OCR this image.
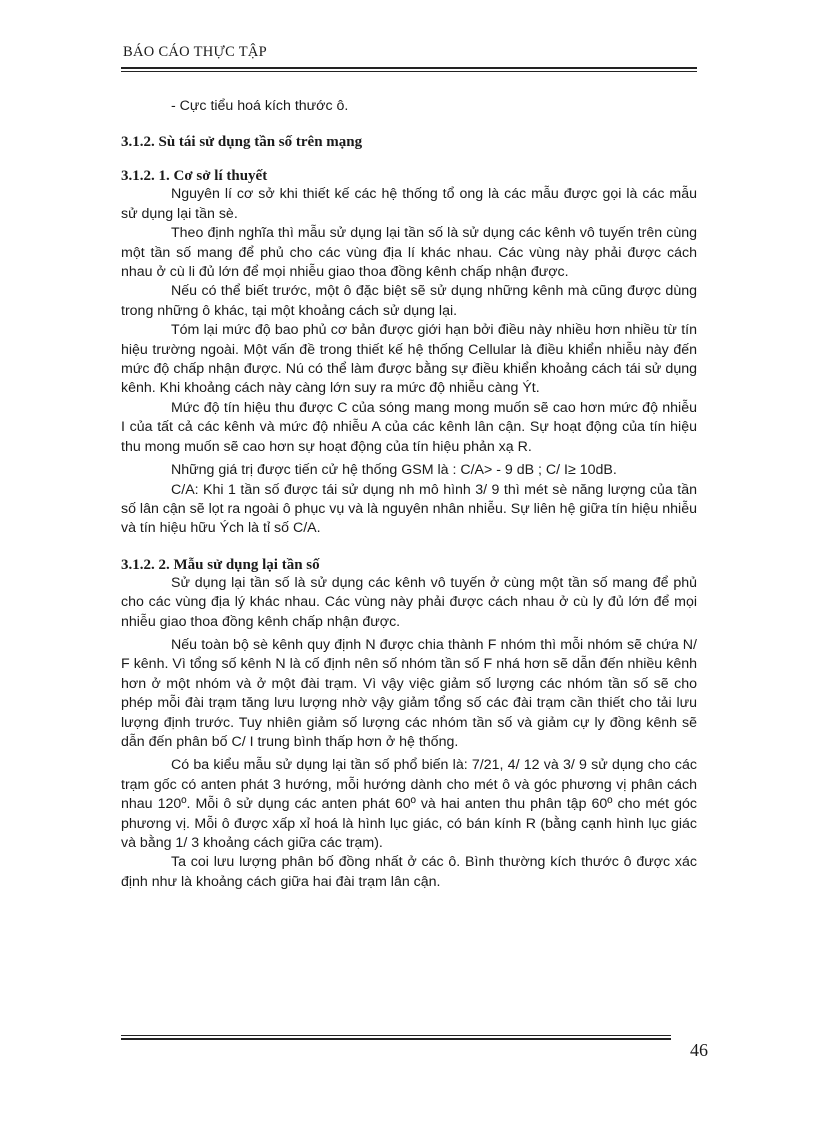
BÁO CÁO THỰC TẬP

- Cực tiểu hoá kích thước ô.

3.1.2. Sù tái sử dụng tần số trên mạng

3.1.2. 1. Cơ sở lí thuyết

Nguyên lí cơ sở khi thiết kế các hệ thống tổ ong là các mẫu được gọi là các mẫu sử dụng lại tần sè.

Theo định nghĩa thì mẫu sử dụng lại tần số là sử dụng các kênh vô tuyến trên cùng một tần số mang để phủ cho các vùng địa lí khác nhau. Các vùng này phải được cách nhau ở cù li đủ lớn để mọi nhiễu giao thoa đồng kênh chấp nhận được.

Nếu có thể biết trước, một ô đặc biệt sẽ sử dụng những kênh mà cũng được dùng trong những ô khác, tại một khoảng cách sử dụng lại.

Tóm lại mức độ bao phủ cơ bản được giới hạn bởi điều này nhiều hơn nhiều từ tín hiệu trường ngoài. Một vấn đề trong thiết kế hệ thống Cellular là điều khiển nhiễu này đến mức độ chấp nhận được. Nú có thể làm được bằng sự điều khiển khoảng cách tái sử dụng kênh. Khi khoảng cách này càng lớn suy ra mức độ nhiễu càng Ýt.

Mức độ tín hiệu thu được C của sóng mang mong muốn sẽ cao hơn mức độ nhiễu I của tất cả các kênh và mức độ nhiễu A của các kênh lân cận. Sự hoạt động của tín hiệu thu mong muốn sẽ cao hơn sự hoạt động của tín hiệu phản xạ R.

Những giá trị được tiến cử hệ thống GSM là : C/A> - 9 dB ; C/ I≥ 10dB.

C/A: Khi 1 tần số được tái sử dụng nh mô hình 3/ 9 thì mét sè năng lượng của tần số lân cận sẽ lọt ra ngoài ô phục vụ và là nguyên nhân nhiễu. Sự liên hệ giữa tín hiệu nhiễu và tín hiệu hữu Ých là tỉ số C/A.

3.1.2. 2. Mẫu sử dụng lại tần số

Sử dụng lại tần số là sử dụng các kênh vô tuyến ở cùng một tần số mang để phủ cho các vùng địa lý khác nhau. Các vùng này phải được cách nhau ở cù ly đủ lớn để mọi nhiễu giao thoa đồng kênh chấp nhận được.

Nếu toàn bộ sè kênh quy định N được chia thành F nhóm thì mỗi nhóm sẽ chứa N/ F kênh. Vì tổng số kênh N là cố định nên số nhóm tần số F nhá hơn sẽ dẫn đến nhiều kênh hơn ở một nhóm và ở một đài trạm. Vì vậy việc giảm số lượng các nhóm tần số sẽ cho phép mỗi đài trạm tăng lưu lượng nhờ vậy giảm tổng số các đài trạm cần thiết cho tải lưu lượng định trước. Tuy nhiên giảm số lượng các nhóm tần số và giảm cự ly đồng kênh sẽ dẫn đến phân bố C/ I trung bình thấp hơn ở hệ thống.

Có ba kiểu mẫu sử dụng lại tần số phổ biến là: 7/21, 4/ 12 và 3/ 9 sử dụng cho các trạm gốc có anten phát 3 hướng, mỗi hướng dành cho mét ô và góc phương vị phân cách nhau 120º. Mỗi ô sử dụng các anten phát 60º và hai anten thu phân tập 60º cho mét góc phương vị. Mỗi ô được xấp xỉ hoá là hình lục giác, có bán kính R (bằng cạnh hình lục giác và bằng 1/ 3 khoảng cách giữa các trạm).

Ta coi lưu lượng phân bố đồng nhất ở các ô. Bình thường kích thước ô được xác định như là khoảng cách giữa hai đài trạm lân cận.

46
